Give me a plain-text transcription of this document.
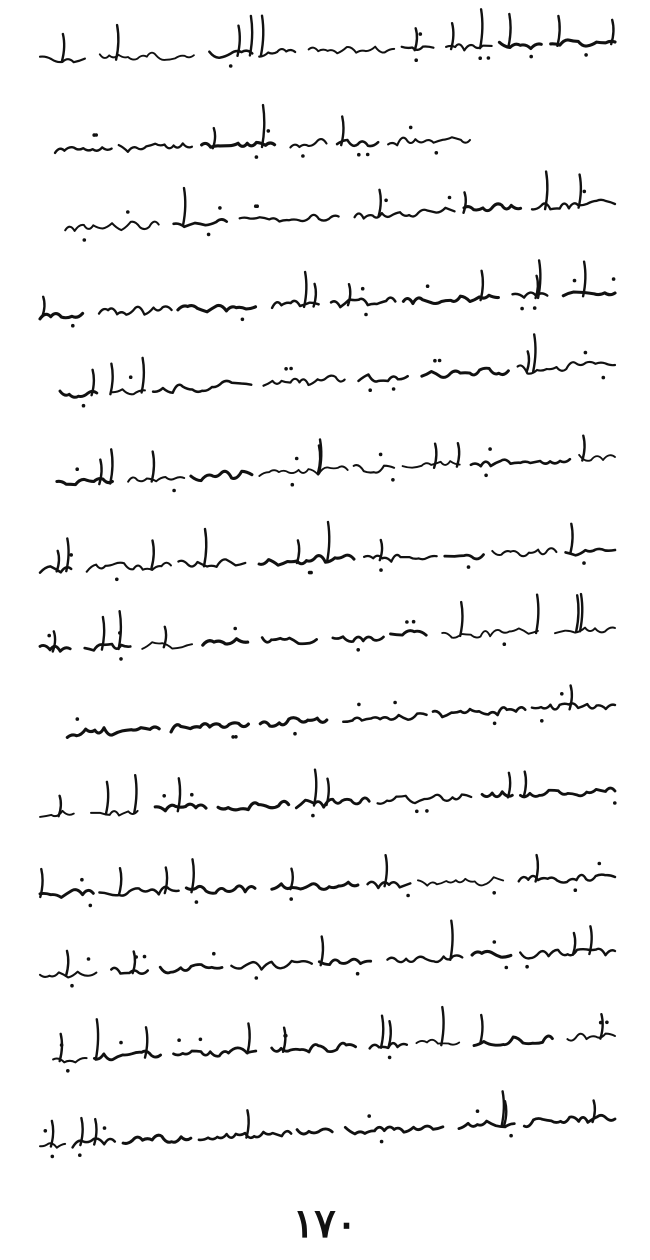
١٧٠
